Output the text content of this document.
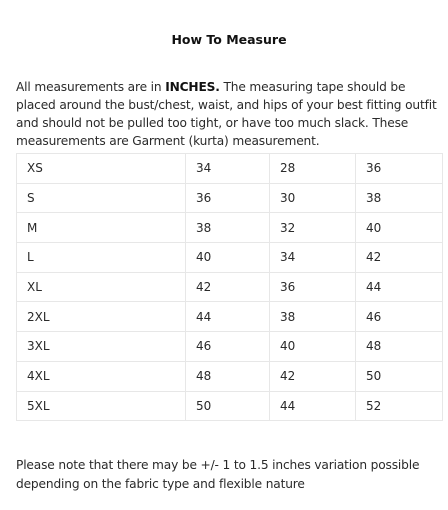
How To Measure

All measurements are in INCHES. The measuring tape should be placed around the bust/chest, waist, and hips of your best fitting outfit and should not be pulled too tight, or have too much slack. These measurements are Garment (kurta) measurement.

XS	34	28	36
S	36	30	38
M	38	32	40
L	40	34	42
XL	42	36	44
2XL	44	38	46
3XL	46	40	48
4XL	48	42	50
5XL	50	44	52

Please note that there may be +/- 1 to 1.5 inches variation possible depending on the fabric type and flexible nature
